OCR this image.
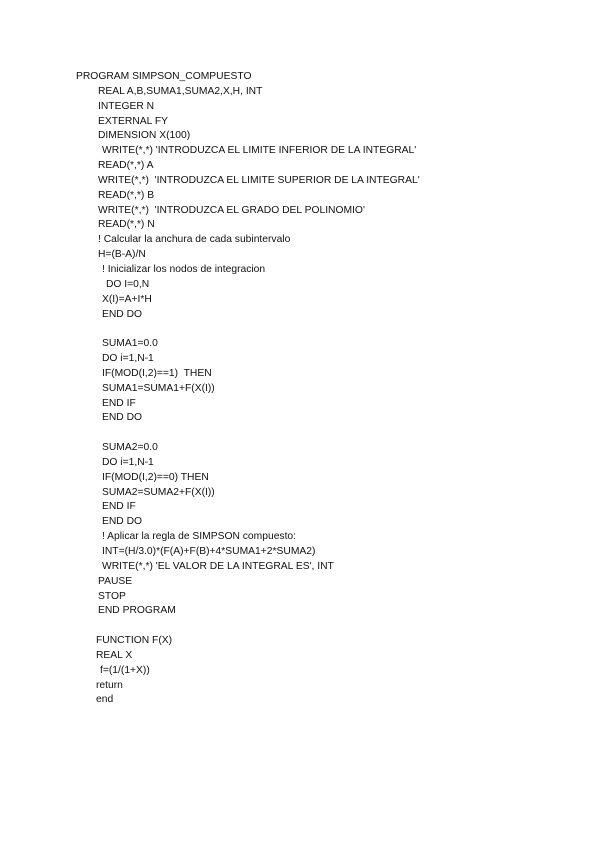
PROGRAM SIMPSON_COMPUESTO
REAL A,B,SUMA1,SUMA2,X,H, INT
INTEGER N
EXTERNAL FY
DIMENSION X(100)
WRITE(*,*) 'INTRODUZCA EL LIMITE INFERIOR DE LA INTEGRAL'
READ(*,*) A
WRITE(*,*)  'INTRODUZCA EL LIMITE SUPERIOR DE LA INTEGRAL'
READ(*,*) B
WRITE(*,*)  'INTRODUZCA EL GRADO DEL POLINOMIO'
READ(*,*) N
! Calcular la anchura de cada subintervalo
H=(B-A)/N
! Inicializar los nodos de integracion
DO I=0,N
X(I)=A+I*H
END DO
SUMA1=0.0
DO i=1,N-1
IF(MOD(I,2)==1)  THEN
SUMA1=SUMA1+F(X(I))
END IF
END DO
SUMA2=0.0
DO i=1,N-1
IF(MOD(I,2)==0) THEN
SUMA2=SUMA2+F(X(I))
END IF
END DO
! Aplicar la regla de SIMPSON compuesto:
INT=(H/3.0)*(F(A)+F(B)+4*SUMA1+2*SUMA2)
WRITE(*,*) 'EL VALOR DE LA INTEGRAL ES', INT
PAUSE
STOP
END PROGRAM
FUNCTION F(X)
REAL X
f=(1/(1+X))
return
end
